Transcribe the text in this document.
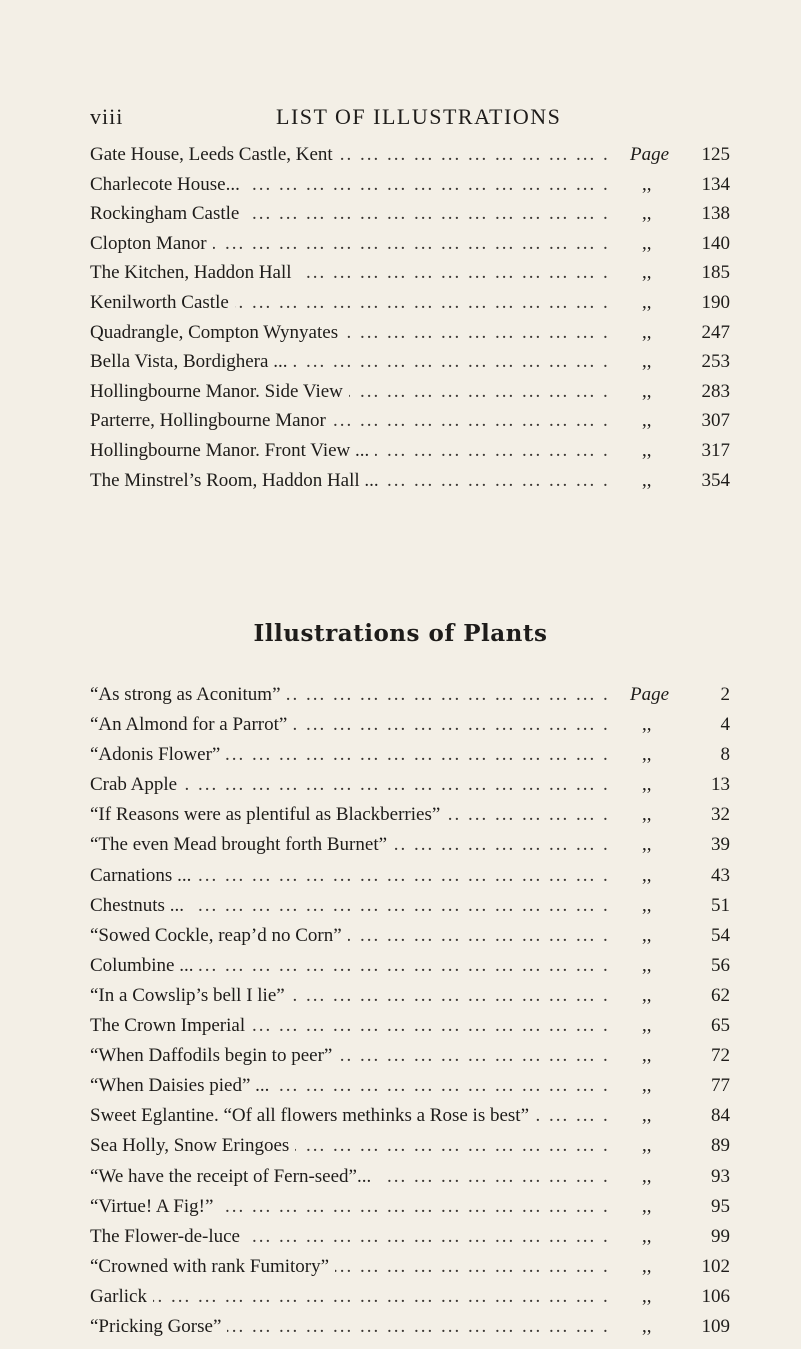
viii	LIST OF ILLUSTRATIONS
Gate House, Leeds Castle, Kent ... .	Page	125
Charlecote House... ... .	,,	134
Rockingham Castle ... .	,,	138
Clopton Manor ... .	,,	140
The Kitchen, Haddon Hall ... .	,,	185
Kenilworth Castle ... .	,,	190
Quadrangle, Compton Wynyates ... .	,,	247
Bella Vista, Bordighera ... ... .	,,	253
Hollingbourne Manor. Side View ... .	,,	283
Parterre, Hollingbourne Manor ... .	,,	307
Hollingbourne Manor. Front View ... ... .	,,	317
The Minstrel’s Room, Haddon Hall ... ... .	,,	354
Illustrations of Plants
“As strong as Aconitum” ... .	Page	2
“An Almond for a Parrot” ... .	,,	4
“Adonis Flower” ... .	,,	8
Crab Apple ... .	,,	13
“If Reasons were as plentiful as Blackberries” ... .	,,	32
“The even Mead brought forth Burnet” ... .	,,	39
Carnations ... ... .	,,	43
Chestnuts ... ... .	,,	51
“Sowed Cockle, reap’d no Corn” ... .	,,	54
Columbine ... ... .	,,	56
“In a Cowslip’s bell I lie” ... .	,,	62
The Crown Imperial ... .	,,	65
“When Daffodils begin to peer” ... .	,,	72
“When Daisies pied” ... ... .	,,	77
Sweet Eglantine. “Of all flowers methinks a Rose is best” ... .	,,	84
Sea Holly, Snow Eringoes ... .	,,	89
“We have the receipt of Fern-seed”... ... .	,,	93
“Virtue! A Fig!” ... .	,,	95
The Flower-de-luce ... .	,,	99
“Crowned with rank Fumitory” ... .	,,	102
Garlick ... .	,,	106
“Pricking Gorse” ... .	,,	109
